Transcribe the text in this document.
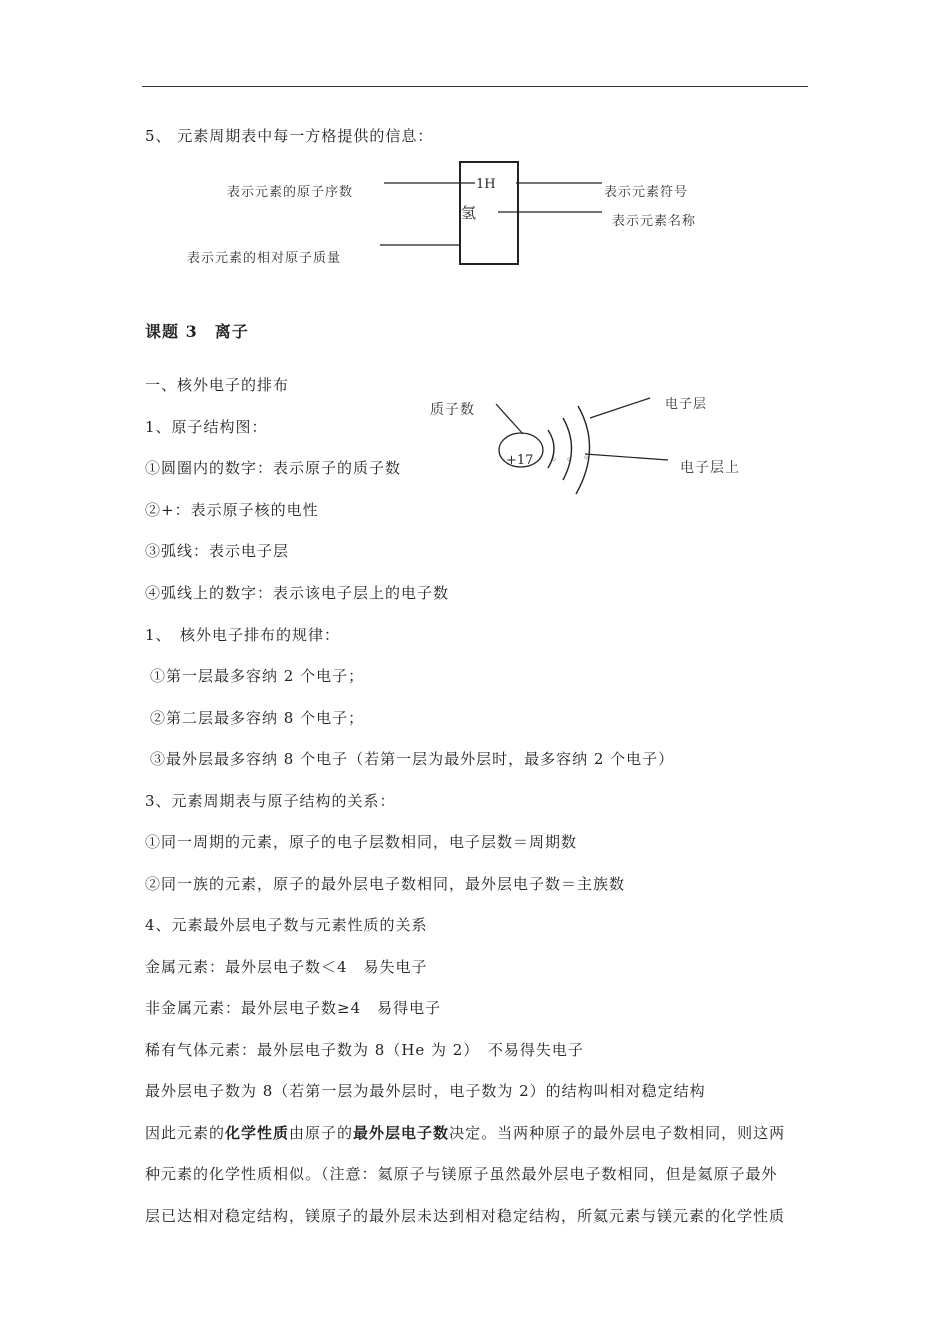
5、 元素周期表中每一方格提供的信息：
1H
氢
表示元素的原子序数	表示元素符号
表示元素名称
表示元素的相对原子质量
课题 3　离子
一、核外电子的排布
1、原子结构图：
①圆圈内的数字：表示原子的质子数
②+：表示原子核的电性
③弧线：表示电子层
④弧线上的数字：表示该电子层上的电子数
质子数	电子层
电子层上
+17 ◦ ◦ ◦
1、　核外电子排布的规律：
①第一层最多容纳 2 个电子；
②第二层最多容纳 8 个电子；
③最外层最多容纳 8 个电子（若第一层为最外层时，最多容纳 2 个电子）
3、元素周期表与原子结构的关系：
①同一周期的元素，原子的电子层数相同，电子层数＝周期数
②同一族的元素，原子的最外层电子数相同，最外层电子数＝主族数
4、元素最外层电子数与元素性质的关系
金属元素：最外层电子数＜4　易失电子
非金属元素：最外层电子数≥4　易得电子
稀有气体元素：最外层电子数为 8（He 为 2）　不易得失电子
最外层电子数为 8（若第一层为最外层时，电子数为 2）的结构叫相对稳定结构
因此元素的化学性质由原子的最外层电子数决定。当两种原子的最外层电子数相同，则这两
种元素的化学性质相似。（注意：氦原子与镁原子虽然最外层电子数相同，但是氦原子最外
层已达相对稳定结构，镁原子的最外层未达到相对稳定结构，所氦元素与镁元素的化学性质
